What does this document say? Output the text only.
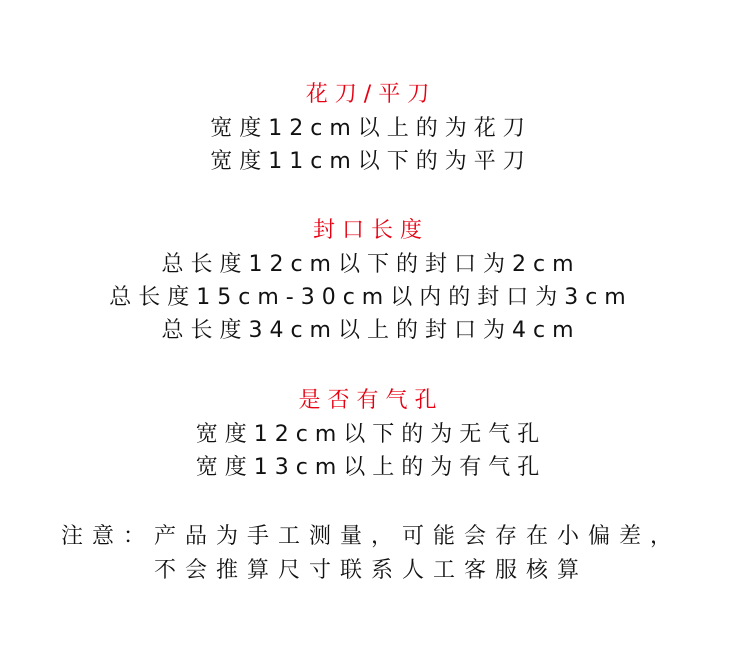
花刀/平刀
宽度12cm以上的为花刀
宽度11cm以下的为平刀
封口长度
总长度12cm以下的封口为2cm
总长度15cm-30cm以内的封口为3cm
总长度34cm以上的封口为4cm
是否有气孔
宽度12cm以下的为无气孔
宽度13cm以上的为有气孔
注意：产品为手工测量，可能会存在小偏差，
不会推算尺寸联系人工客服核算
